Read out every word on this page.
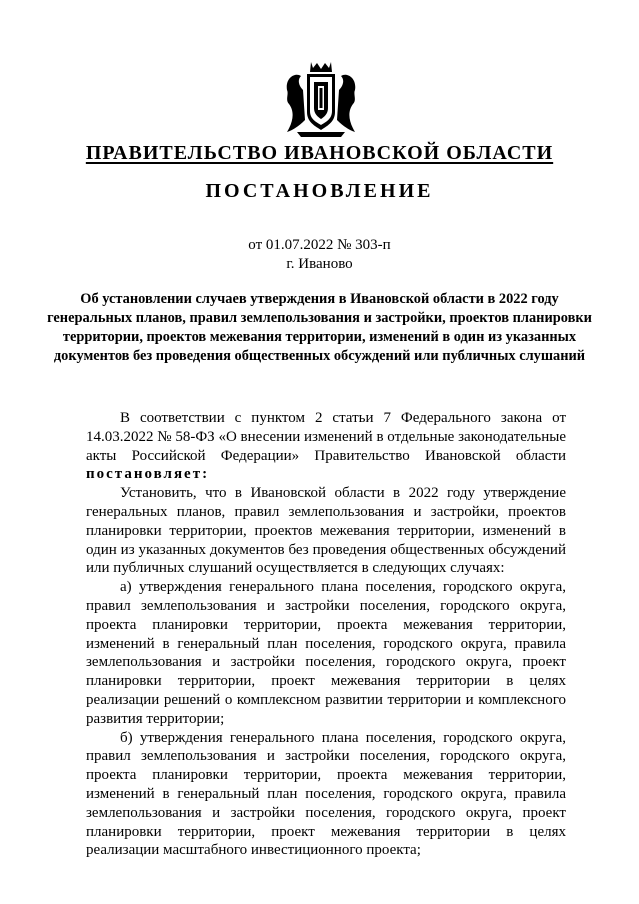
ПРАВИТЕЛЬСТВО ИВАНОВСКОЙ ОБЛАСТИ
ПОСТАНОВЛЕНИЕ
от 01.07.2022 № 303-п
г. Иваново
Об установлении случаев утверждения в Ивановской области в 2022 году генеральных планов, правил землепользования и застройки, проектов планировки территории, проектов межевания территории, изменений в один из указанных документов без проведения общественных обсуждений или публичных слушаний

В соответствии с пунктом 2 статьи 7 Федерального закона от 14.03.2022 № 58-ФЗ «О внесении изменений в отдельные законодательные акты Российской Федерации» Правительство Ивановской области постановляет:

Установить, что в Ивановской области в 2022 году утверждение генеральных планов, правил землепользования и застройки, проектов планировки территории, проектов межевания территории, изменений в один из указанных документов без проведения общественных обсуждений или публичных слушаний осуществляется в следующих случаях:

а) утверждения генерального плана поселения, городского округа, правил землепользования и застройки поселения, городского округа, проекта планировки территории, проекта межевания территории, изменений в генеральный план поселения, городского округа, правила землепользования и застройки поселения, городского округа, проект планировки территории, проект межевания территории в целях реализации решений о комплексном развитии территории и комплексного развития территории;

б) утверждения генерального плана поселения, городского округа, правил землепользования и застройки поселения, городского округа, проекта планировки территории, проекта межевания территории, изменений в генеральный план поселения, городского округа, правила землепользования и застройки поселения, городского округа, проект планировки территории, проект межевания территории в целях реализации масштабного инвестиционного проекта;
